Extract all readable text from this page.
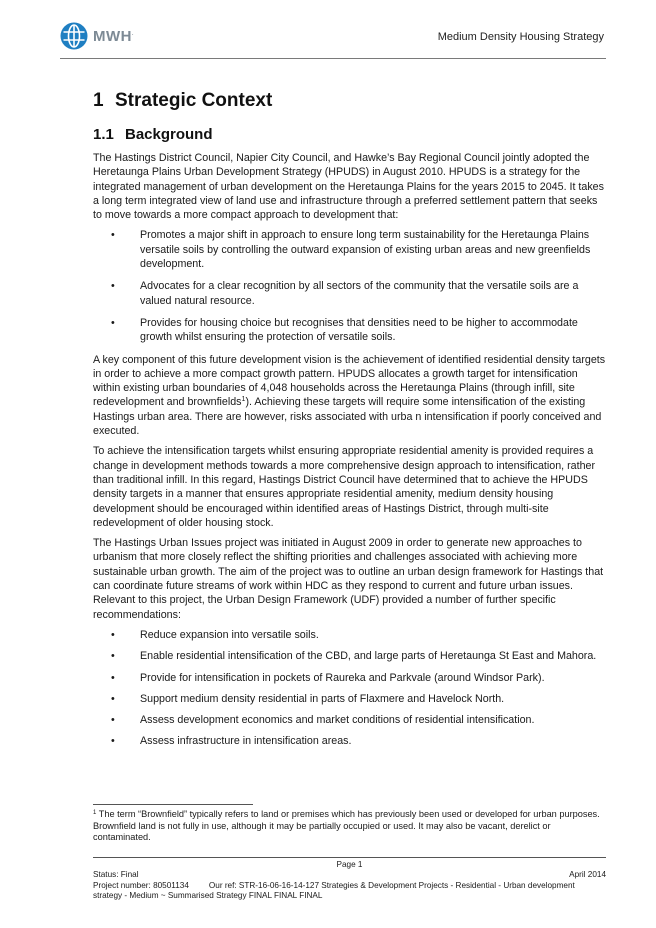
MWH.	Medium Density Housing Strategy
1 Strategic Context
1.1 Background

The Hastings District Council, Napier City Council, and Hawke’s Bay Regional Council jointly adopted the Heretaunga Plains Urban Development Strategy (HPUDS) in August 2010. HPUDS is a strategy for the integrated management of urban development on the Heretaunga Plains for the years 2015 to 2045. It takes a long term integrated view of land use and infrastructure through a preferred settlement pattern that seeks to move towards a more compact approach to development that:

• Promotes a major shift in approach to ensure long term sustainability for the Heretaunga Plains versatile soils by controlling the outward expansion of existing urban areas and new greenfields development.
• Advocates for a clear recognition by all sectors of the community that the versatile soils are a valued natural resource.
• Provides for housing choice but recognises that densities need to be higher to accommodate growth whilst ensuring the protection of versatile soils.

A key component of this future development vision is the achievement of identified residential density targets in order to achieve a more compact growth pattern. HPUDS allocates a growth target for intensification within existing urban boundaries of 4,048 households across the Heretaunga Plains (through infill, site redevelopment and brownfields$^1$). Achieving these targets will require some intensification of the existing Hastings urban area. There are however, risks associated with urba n intensification if poorly conceived and executed.

To achieve the intensification targets whilst ensuring appropriate residential amenity is provided requires a change in development methods towards a more comprehensive design approach to intensification, rather than traditional infill. In this regard, Hastings District Council have determined that to achieve the HPUDS density targets in a manner that ensures appropriate residential amenity, medium density housing development should be encouraged within identified areas of Hastings District, through multi-site redevelopment of older housing stock.

The Hastings Urban Issues project was initiated in August 2009 in order to generate new approaches to urbanism that more closely reflect the shifting priorities and challenges associated with achieving more sustainable urban growth. The aim of the project was to outline an urban design framework for Hastings that can coordinate future streams of work within HDC as they respond to current and future urban issues. Relevant to this project, the Urban Design Framework (UDF) provided a number of further specific recommendations:

• Reduce expansion into versatile soils.
• Enable residential intensification of the CBD, and large parts of Heretaunga St East and Mahora.
• Provide for intensification in pockets of Raureka and Parkvale (around Windsor Park).
• Support medium density residential in parts of Flaxmere and Havelock North.
• Assess development economics and market conditions of residential intensification.
• Assess infrastructure in intensification areas.
$^1$ The term “Brownfield” typically refers to land or premises which has previously been used or developed for urban purposes. Brownfield land is not fully in use, although it may be partially occupied or used. It may also be vacant, derelict or contaminated.
Page 1
Status: Final	April 2014
Project number: 80501134 Our ref: STR-16-06-16-14-127 Strategies & Development Projects - Residential - Urban development strategy - Medium ~ Summarised Strategy FINAL FINAL FINAL
